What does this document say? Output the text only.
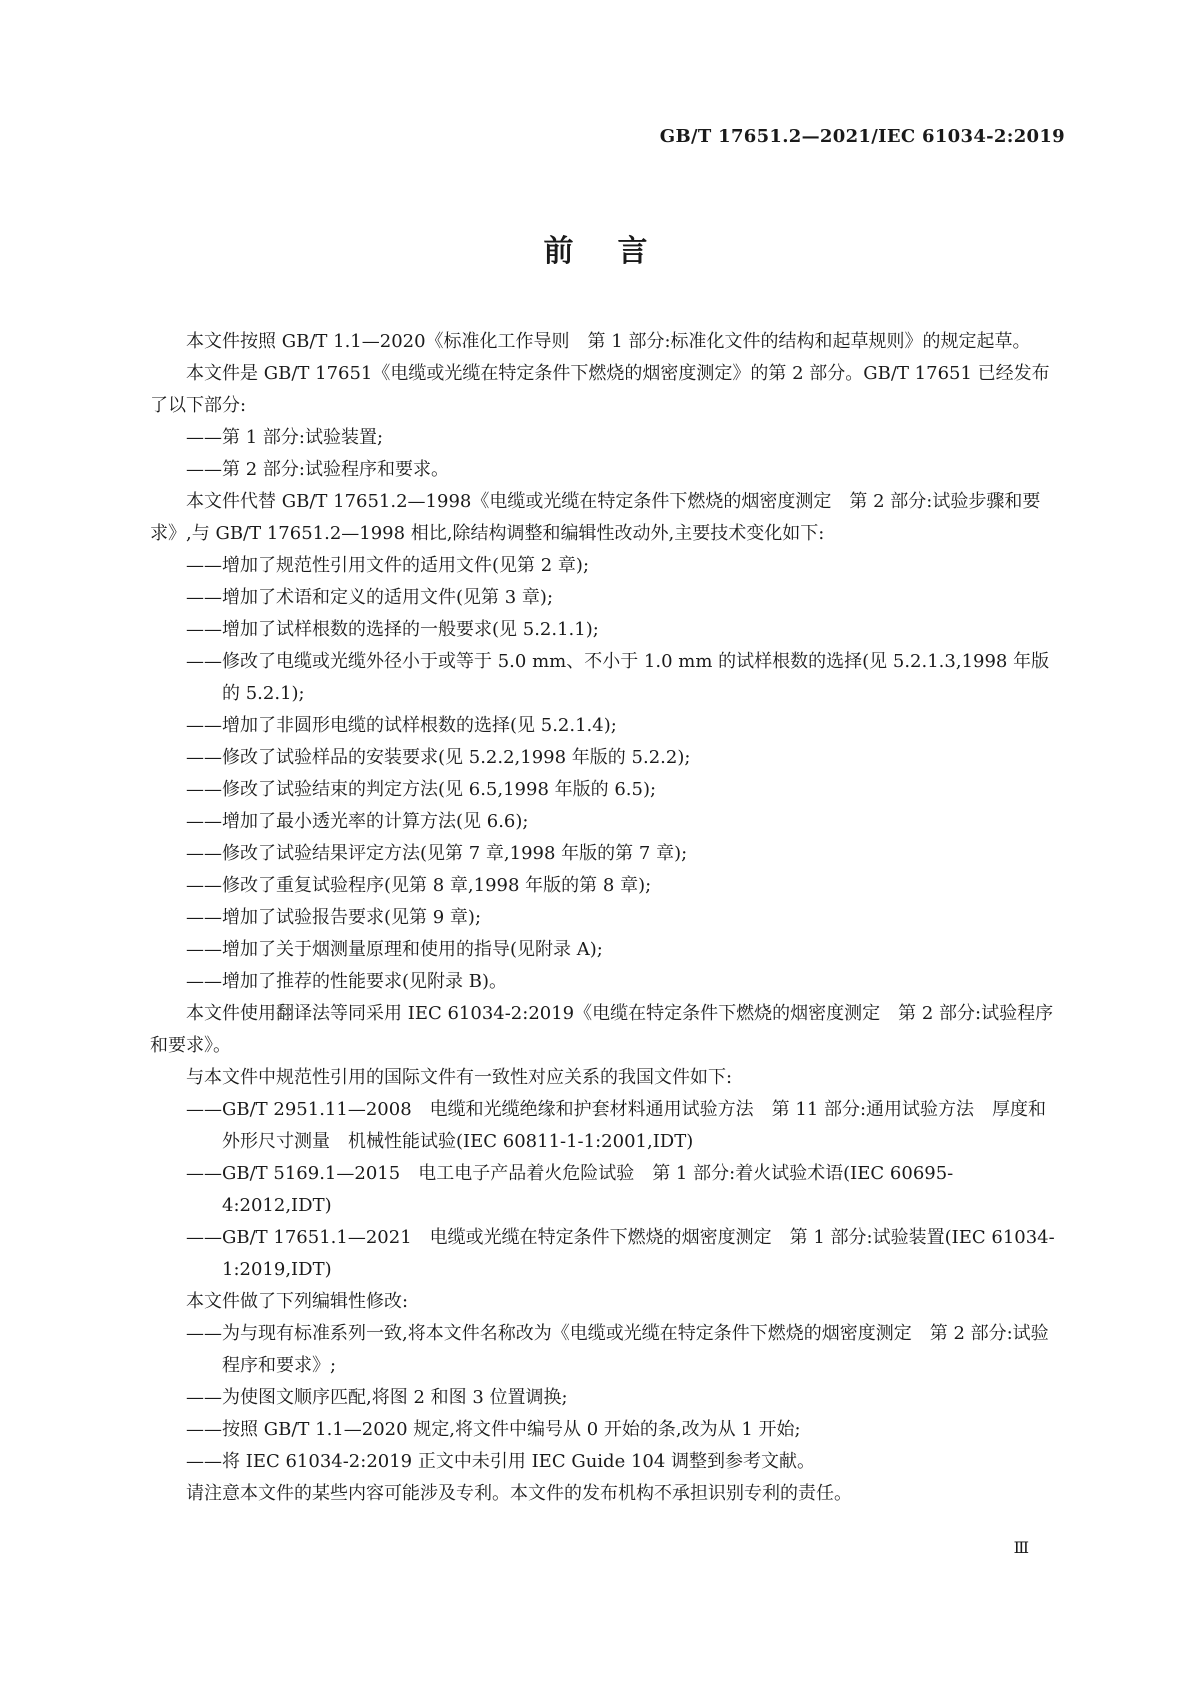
GB/T 17651.2—2021/IEC 61034-2:2019
前言

本文件按照 GB/T 1.1—2020《标准化工作导则　第 1 部分:标准化文件的结构和起草规则》的规定起草。

本文件是 GB/T 17651《电缆或光缆在特定条件下燃烧的烟密度测定》的第 2 部分。GB/T 17651 已经发布了以下部分:

——第 1 部分:试验装置;

——第 2 部分:试验程序和要求。

本文件代替 GB/T 17651.2—1998《电缆或光缆在特定条件下燃烧的烟密度测定　第 2 部分:试验步骤和要求》,与 GB/T 17651.2—1998 相比,除结构调整和编辑性改动外,主要技术变化如下:

——增加了规范性引用文件的适用文件(见第 2 章);

——增加了术语和定义的适用文件(见第 3 章);

——增加了试样根数的选择的一般要求(见 5.2.1.1);

——修改了电缆或光缆外径小于或等于 5.0 mm、不小于 1.0 mm 的试样根数的选择(见 5.2.1.3,1998 年版的 5.2.1);

——增加了非圆形电缆的试样根数的选择(见 5.2.1.4);

——修改了试验样品的安装要求(见 5.2.2,1998 年版的 5.2.2);

——修改了试验结束的判定方法(见 6.5,1998 年版的 6.5);

——增加了最小透光率的计算方法(见 6.6);

——修改了试验结果评定方法(见第 7 章,1998 年版的第 7 章);

——修改了重复试验程序(见第 8 章,1998 年版的第 8 章);

——增加了试验报告要求(见第 9 章);

——增加了关于烟测量原理和使用的指导(见附录 A);

——增加了推荐的性能要求(见附录 B)。

本文件使用翻译法等同采用 IEC 61034-2:2019《电缆在特定条件下燃烧的烟密度测定　第 2 部分:试验程序和要求》。

与本文件中规范性引用的国际文件有一致性对应关系的我国文件如下:

——GB/T 2951.11—2008　电缆和光缆绝缘和护套材料通用试验方法　第 11 部分:通用试验方法　厚度和外形尺寸测量　机械性能试验(IEC 60811-1-1:2001,IDT)

——GB/T 5169.1—2015　电工电子产品着火危险试验　第 1 部分:着火试验术语(IEC 60695-4:2012,IDT)

——GB/T 17651.1—2021　电缆或光缆在特定条件下燃烧的烟密度测定　第 1 部分:试验装置(IEC 61034-1:2019,IDT)

本文件做了下列编辑性修改:

——为与现有标准系列一致,将本文件名称改为《电缆或光缆在特定条件下燃烧的烟密度测定　第 2 部分:试验程序和要求》;

——为使图文顺序匹配,将图 2 和图 3 位置调换;

——按照 GB/T 1.1—2020 规定,将文件中编号从 0 开始的条,改为从 1 开始;

——将 IEC 61034-2:2019 正文中未引用 IEC Guide 104 调整到参考文献。

请注意本文件的某些内容可能涉及专利。本文件的发布机构不承担识别专利的责任。

Ⅲ
